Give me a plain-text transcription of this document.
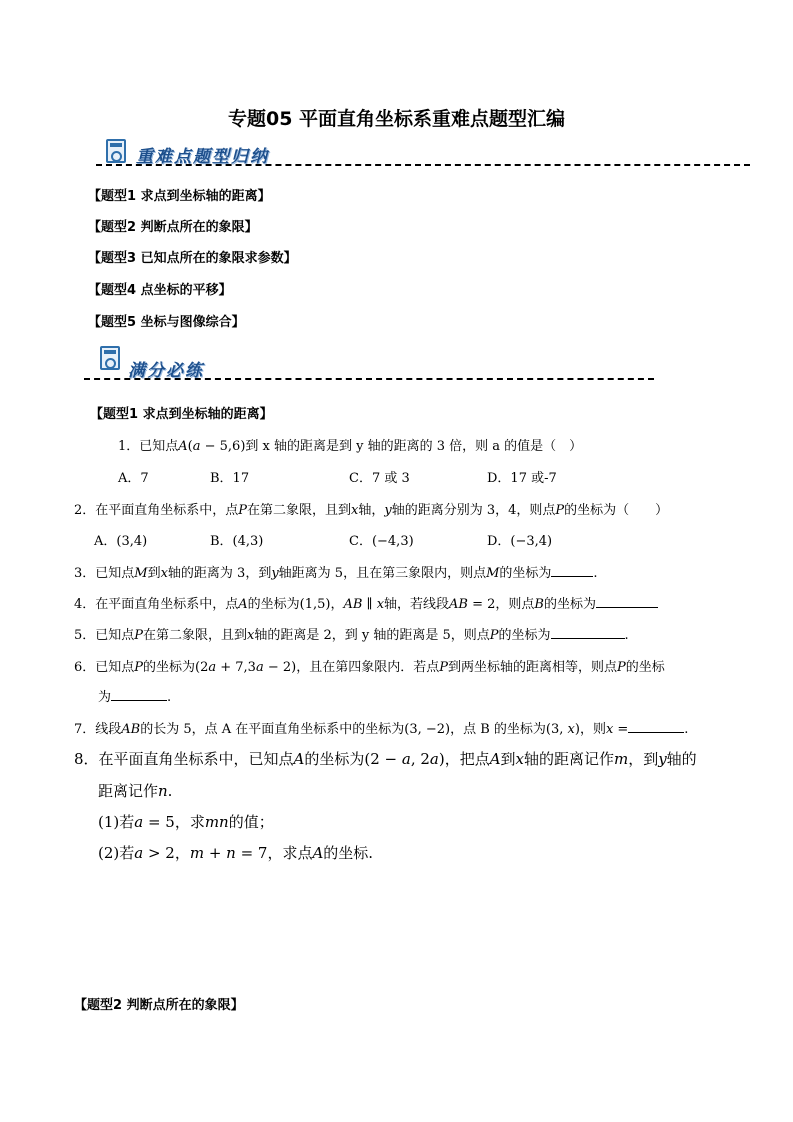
专题05 平面直角坐标系重难点题型汇编
重难点题型归纳
【题型1 求点到坐标轴的距离】
【题型2 判断点所在的象限】
【题型3 已知点所在的象限求参数】
【题型4 点坐标的平移】
【题型5 坐标与图像综合】
满分必练
【题型1 求点到坐标轴的距离】
1．已知点𝐴(𝑎 − 5,6)到 x 轴的距离是到 y 轴的距离的 3 倍，则 a 的值是（　）
A．7	B．17	C．7 或 3	D．17 或-7
2．在平面直角坐标系中，点𝑃在第二象限，且到𝑥轴，𝑦轴的距离分别为 3，4，则点𝑃的坐标为（　　）
A．(3,4)	B．(4,3)	C．(−4,3)	D．(−3,4)
3．已知点𝑀到𝑥轴的距离为 3，到𝑦轴距离为 5，且在第三象限内，则点𝑀的坐标为	.
4．在平面直角坐标系中，点𝐴的坐标为(1,5)，𝐴𝐵 ∥ 𝑥轴，若线段𝐴𝐵 = 2，则点𝐵的坐标为
5．已知点𝑃在第二象限，且到𝑥轴的距离是 2，到 y 轴的距离是 5，则点𝑃的坐标为	.
6．已知点𝑃的坐标为(2𝑎 + 7,3𝑎 − 2)，且在第四象限内．若点𝑃到两坐标轴的距离相等，则点𝑃的坐标
为	.
7．线段𝐴𝐵的长为 5，点 A 在平面直角坐标系中的坐标为(3, −2)，点 B 的坐标为(3, 𝑥)，则𝑥 =	.
8．在平面直角坐标系中，已知点𝐴的坐标为(2 − 𝑎, 2𝑎)，把点𝐴到𝑥轴的距离记作𝑚，到𝑦轴的
距离记作𝑛.
(1)若𝑎 = 5，求𝑚𝑛的值；
(2)若𝑎 > 2，𝑚 + 𝑛 = 7，求点𝐴的坐标.
【题型2 判断点所在的象限】
